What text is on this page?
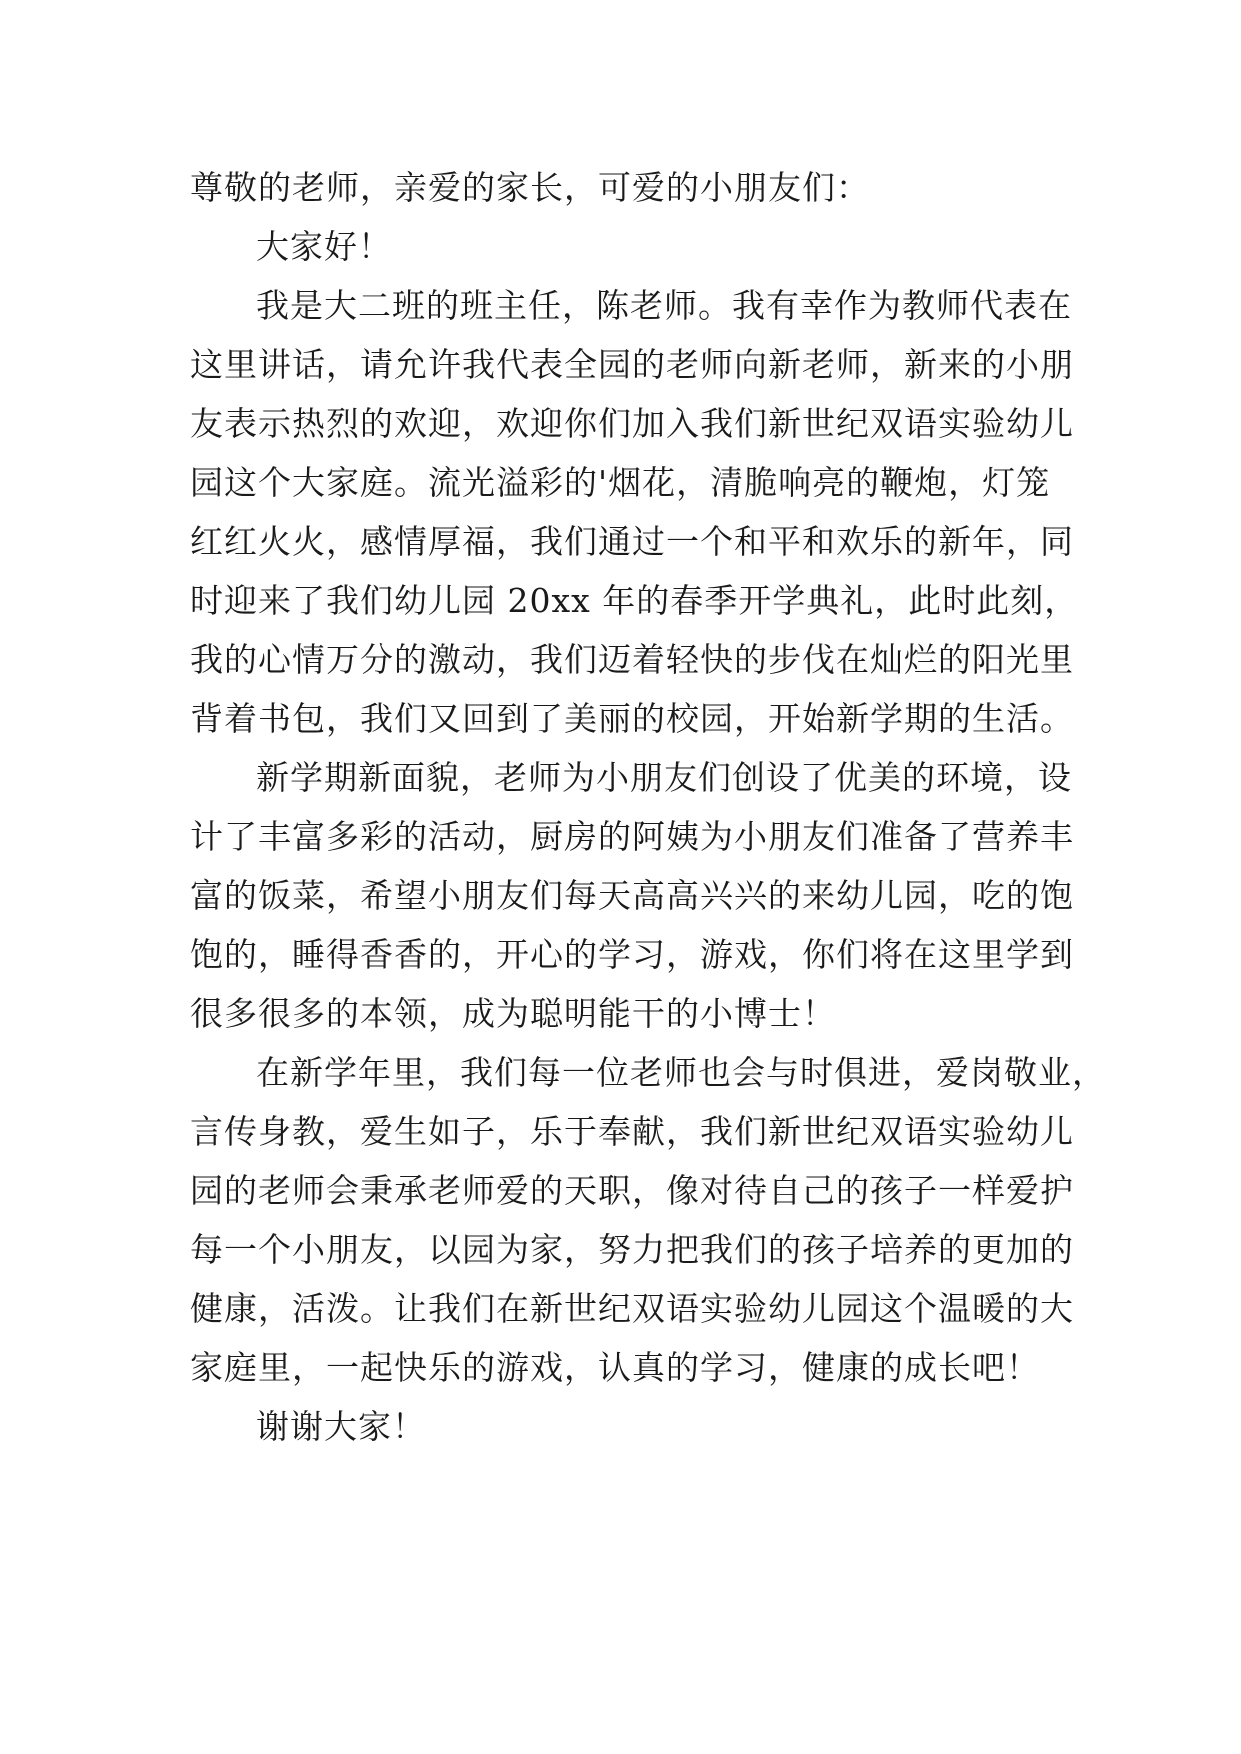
尊敬的老师，亲爱的家长，可爱的小朋友们：
大家好！
我是大二班的班主任，陈老师。我有幸作为教师代表在
这里讲话，请允许我代表全园的老师向新老师，新来的小朋
友表示热烈的欢迎，欢迎你们加入我们新世纪双语实验幼儿
园这个大家庭。流光溢彩的'烟花，清脆响亮的鞭炮，灯笼
红红火火，感情厚福，我们通过一个和平和欢乐的新年，同
时迎来了我们幼儿园 20xx 年的春季开学典礼，此时此刻，
我的心情万分的激动，我们迈着轻快的步伐在灿烂的阳光里
背着书包，我们又回到了美丽的校园，开始新学期的生活。
新学期新面貌，老师为小朋友们创设了优美的环境，设
计了丰富多彩的活动，厨房的阿姨为小朋友们准备了营养丰
富的饭菜，希望小朋友们每天高高兴兴的来幼儿园，吃的饱
饱的，睡得香香的，开心的学习，游戏，你们将在这里学到
很多很多的本领，成为聪明能干的小博士！
在新学年里，我们每一位老师也会与时俱进，爱岗敬业，
言传身教，爱生如子，乐于奉献，我们新世纪双语实验幼儿
园的老师会秉承老师爱的天职，像对待自己的孩子一样爱护
每一个小朋友，以园为家，努力把我们的孩子培养的更加的
健康，活泼。让我们在新世纪双语实验幼儿园这个温暖的大
家庭里，一起快乐的游戏，认真的学习，健康的成长吧！
谢谢大家！
